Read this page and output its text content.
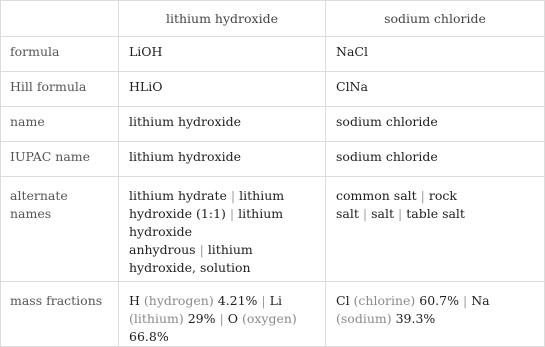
	lithium hydroxide	sodium chloride
formula	LiOH	NaCl
Hill formula	HLiO	ClNa
name	lithium hydroxide	sodium chloride
IUPAC name	lithium hydroxide	sodium chloride
alternate names	lithium hydrate | lithium hydroxide (1:1) | lithium hydroxide anhydrous | lithium hydroxide, solution	common salt | rock salt | salt | table salt
mass fractions	H (hydrogen) 4.21% | Li (lithium) 29% | O (oxygen) 66.8%	Cl (chlorine) 60.7% | Na (sodium) 39.3%
